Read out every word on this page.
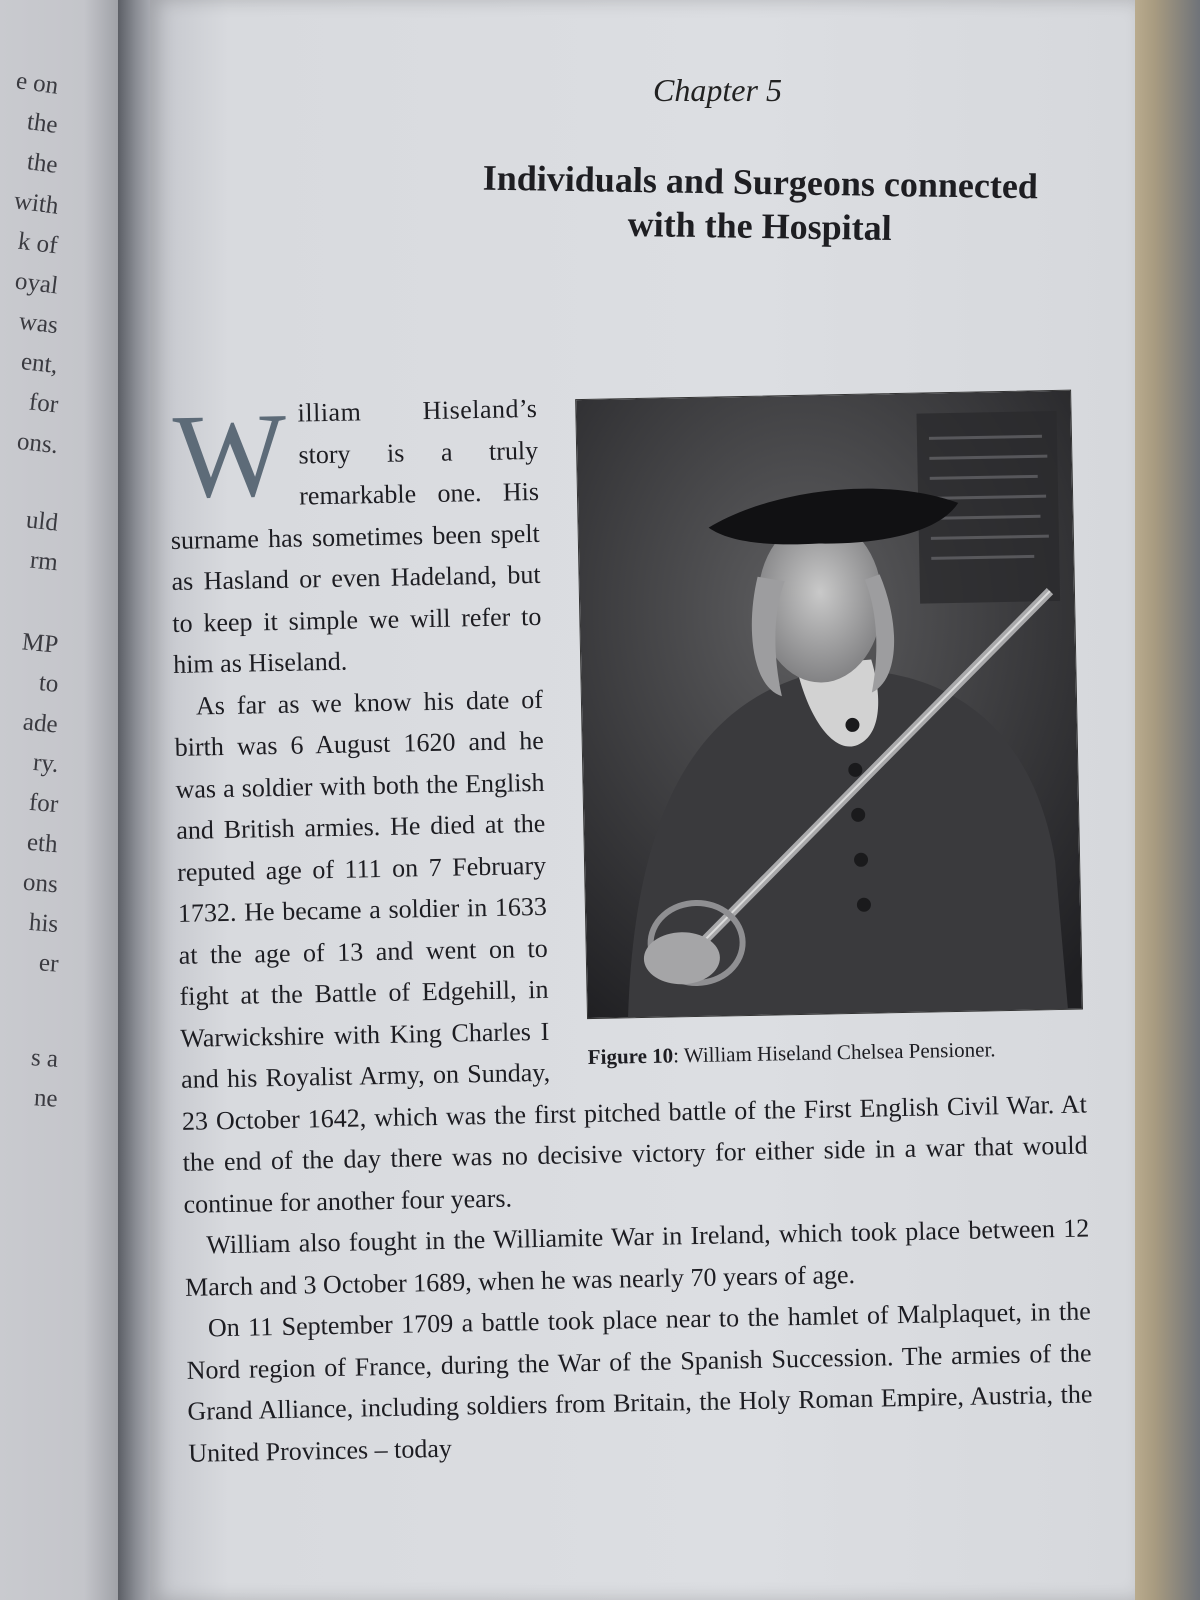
e on
the
the
with
k of
oyal
was
ent,
for
ons.
uld
rm
MP
to
ade
ry.
for
eth
ons
his
er
s a
ne
Chapter 5
Individuals and Surgeons connected
with the Hospital
Figure 10: William Hiseland Chelsea Pensioner.
W illiam Hiseland’s story is a truly remarkable one. His surname has sometimes been spelt as Hasland or even Hadeland, but to keep it simple we will refer to him as Hiseland.

As far as we know his date of birth was 6 August 1620 and he was a soldier with both the English and British armies. He died at the reputed age of 111 on 7 February 1732. He became a soldier in 1633 at the age of 13 and went on to fight at the Battle of Edgehill, in Warwickshire with King Charles I and his Royalist Army, on Sunday, 23 October 1642, which was the first pitched battle of the First English Civil War. At the end of the day there was no decisive victory for either side in a war that would continue for another four years.

William also fought in the Williamite War in Ireland, which took place between 12 March and 3 October 1689, when he was nearly 70 years of age.

On 11 September 1709 a battle took place near to the hamlet of Malplaquet, in the Nord region of France, during the War of the Spanish Succession. The armies of the Grand Alliance, including soldiers from Britain, the Holy Roman Empire, Austria, the United Provinces – today
